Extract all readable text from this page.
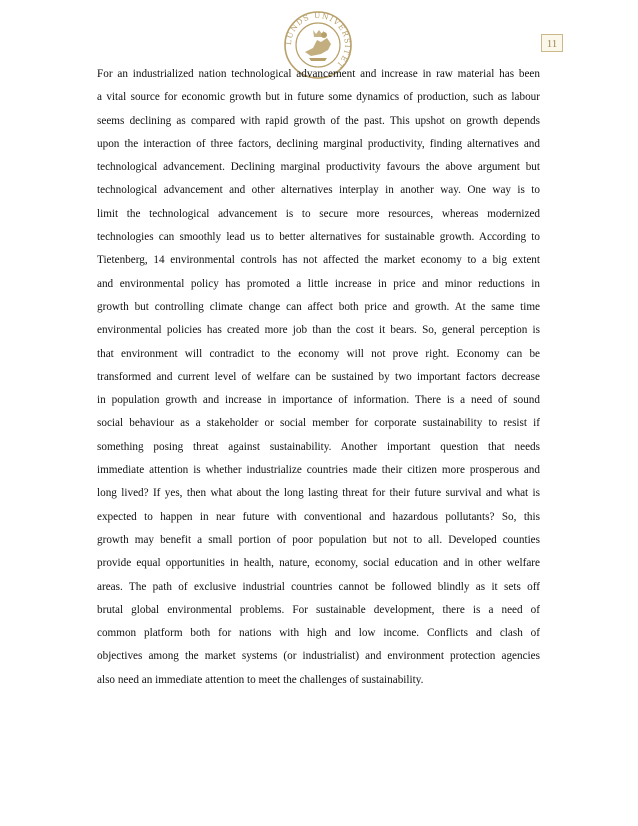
LUNDS UNIVERSITET
11
For an industrialized nation technological advancement and increase in raw material has been
a vital source for economic growth but in future some dynamics of production, such as labour
seems declining as compared with rapid growth of the past. This upshot on growth depends
upon the interaction of three factors, declining marginal productivity, finding alternatives and
technological advancement. Declining marginal productivity favours the above argument but
technological advancement and other alternatives interplay in another way. One way is to
limit the technological advancement is to secure more resources, whereas modernized
technologies can smoothly lead us to better alternatives for sustainable growth. According to
Tietenberg, 14 environmental controls has not affected the market economy to a big extent
and environmental policy has promoted a little increase in price and minor reductions in
growth but controlling climate change can affect both price and growth. At the same time
environmental policies has created more job than the cost it bears. So, general perception is
that environment will contradict to the economy will not prove right. Economy can be
transformed and current level of welfare can be sustained by two important factors decrease
in population growth and increase in importance of information. There is a need of sound
social behaviour as a stakeholder or social member for corporate sustainability to resist if
something posing threat against sustainability. Another important question that needs
immediate attention is whether industrialize countries made their citizen more prosperous and
long lived? If yes, then what about the long lasting threat for their future survival and what is
expected to happen in near future with conventional and hazardous pollutants? So, this
growth may benefit a small portion of poor population but not to all. Developed counties
provide equal opportunities in health, nature, economy, social education and in other welfare
areas. The path of exclusive industrial countries cannot be followed blindly as it sets off
brutal global environmental problems. For sustainable development, there is a need of
common platform both for nations with high and low income. Conflicts and clash of
objectives among the market systems (or industrialist) and environment protection agencies
also need an immediate attention to meet the challenges of sustainability.
